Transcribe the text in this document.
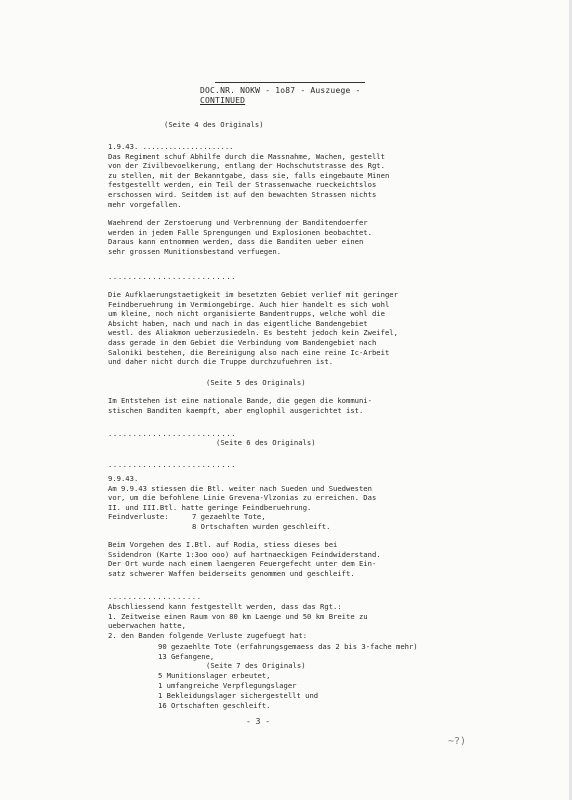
DOC.NR. NOKW - 1o87 - Auszuege -
CONTINUED
(Seite 4 des Originals)
1.9.43. .....................
Das Regiment schuf Abhilfe durch die Massnahme, Wachen, gestellt
von der Zivilbevoelkerung, entlang der Hochschutstrasse des Rgt.
zu stellen, mit der Bekanntgabe, dass sie, falls eingebaute Minen
festgestellt werden, ein Teil der Strassenwache rueckeichtslos
erschossen wird. Seitdem ist auf den bewachten Strassen nichts
mehr vorgefallen.
Waehrend der Zerstoerung und Verbrennung der Banditendoerfer
werden in jedem Falle Sprengungen und Explosionen beobachtet.
Daraus kann entnommen werden, dass die Banditen ueber einen
sehr grossen Munitionsbestand verfuegen.
..........................
Die Aufklaerungstaetigkeit im besetzten Gebiet verlief mit geringer
Feindberuehrung im Vermiongebirge. Auch hier handelt es sich wohl
um kleine, noch nicht organisierte Bandentrupps, welche wohl die
Absicht haben, nach und nach in das eigentliche Bandengebiet
westl. des Aliakmon ueberzusiedeln. Es besteht jedoch kein Zweifel,
dass gerade in dem Gebiet die Verbindung vom Bandengebiet nach
Saloniki bestehen, die Bereinigung also nach eine reine Ic-Arbeit
und daher nicht durch die Truppe durchzufuehren ist.
(Seite 5 des Originals)
Im Entstehen ist eine nationale Bande, die gegen die kommuni-
stischen Banditen kaempft, aber englophil ausgerichtet ist.
..........................
(Seite 6 des Originals)
..........................
9.9.43.
Am 9.9.43 stiessen die Btl. weiter nach Sueden und Suedwesten
vor, um die befohlene Linie Grevena-Vlzonias zu erreichen. Das
II. und III.Btl. hatte geringe Feindberuehrung.
Feindverluste:	7 gezaehlte Tote,
8 Ortschaften wurden geschleift.
Beim Vorgehen des I.Btl. auf Rodia, stiess dieses bei
Ssidendron (Karte 1:3oo ooo) auf hartnaeckigen Feindwiderstand.
Der Ort wurde nach einem laengeren Feuergefecht unter dem Ein-
satz schwerer Waffen beiderseits genommen und geschleift.
...................
Abschliessend kann festgestellt werden, dass das Rgt.:
1. Zeitweise einen Raum von 80 km Laenge und 50 km Breite zu
ueberwachen hatte,
2. den Banden folgende Verluste zugefuegt hat:
90 gezaehlte Tote (erfahrungsgemaess das 2 bis 3-fache mehr)
13 Gefangene,
(Seite 7 des Originals)
5 Munitionslager erbeutet,
1 umfangreiche Verpflegungslager
1 Bekleidungslager sichergestellt und
16 Ortschaften geschleift.
- 3 -
~?)
